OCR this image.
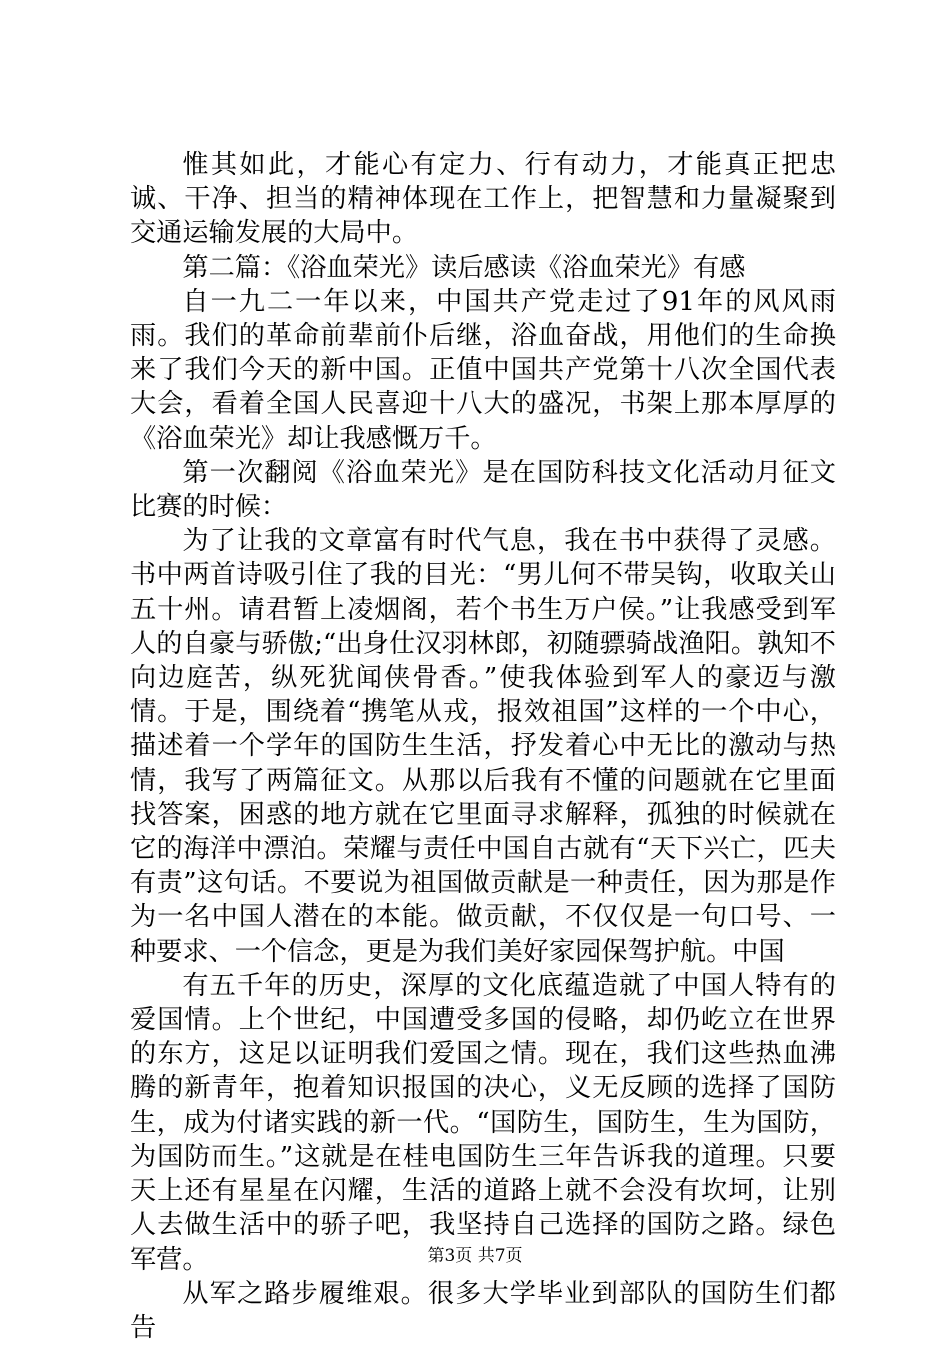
惟其如此，才能心有定力、行有动力，才能真正把忠诚、干净、担当的精神体现在工作上，把智慧和力量凝聚到交通运输发展的大局中。

第二篇：《浴血荣光》读后感读《浴血荣光》有感

自一九二一年以来，中国共产党走过了91年的风风雨雨。我们的革命前辈前仆后继，浴血奋战，用他们的生命换来了我们今天的新中国。正值中国共产党第十八次全国代表大会，看着全国人民喜迎十八大的盛况，书架上那本厚厚的《浴血荣光》却让我感慨万千。

第一次翻阅《浴血荣光》是在国防科技文化活动月征文比赛的时候：

为了让我的文章富有时代气息，我在书中获得了灵感。书中两首诗吸引住了我的目光：“男儿何不带吴钩，收取关山五十州。请君暂上凌烟阁，若个书生万户侯。”让我感受到军人的自豪与骄傲;“出身仕汉羽林郎，初随骠骑战渔阳。孰知不向边庭苦，纵死犹闻侠骨香。”使我体验到军人的豪迈与激情。于是，围绕着“携笔从戎，报效祖国”这样的一个中心，描述着一个学年的国防生生活，抒发着心中无比的激动与热情，我写了两篇征文。从那以后我有不懂的问题就在它里面找答案，困惑的地方就在它里面寻求解释，孤独的时候就在它的海洋中漂泊。荣耀与责任中国自古就有“天下兴亡，匹夫有责”这句话。不要说为祖国做贡献是一种责任，因为那是作为一名中国人潜在的本能。做贡献，不仅仅是一句口号、一种要求、一个信念，更是为我们美好家园保驾护航。中国

有五千年的历史，深厚的文化底蕴造就了中国人特有的爱国情。上个世纪，中国遭受多国的侵略，却仍屹立在世界的东方，这足以证明我们爱国之情。现在，我们这些热血沸腾的新青年，抱着知识报国的决心，义无反顾的选择了国防生，成为付诸实践的新一代。“国防生，国防生，生为国防，为国防而生。”这就是在桂电国防生三年告诉我的道理。只要天上还有星星在闪耀，生活的道路上就不会没有坎坷，让别人去做生活中的骄子吧，我坚持自己选择的国防之路。绿色军营。

从军之路步履维艰。很多大学毕业到部队的国防生们都告

第3页 共7页
